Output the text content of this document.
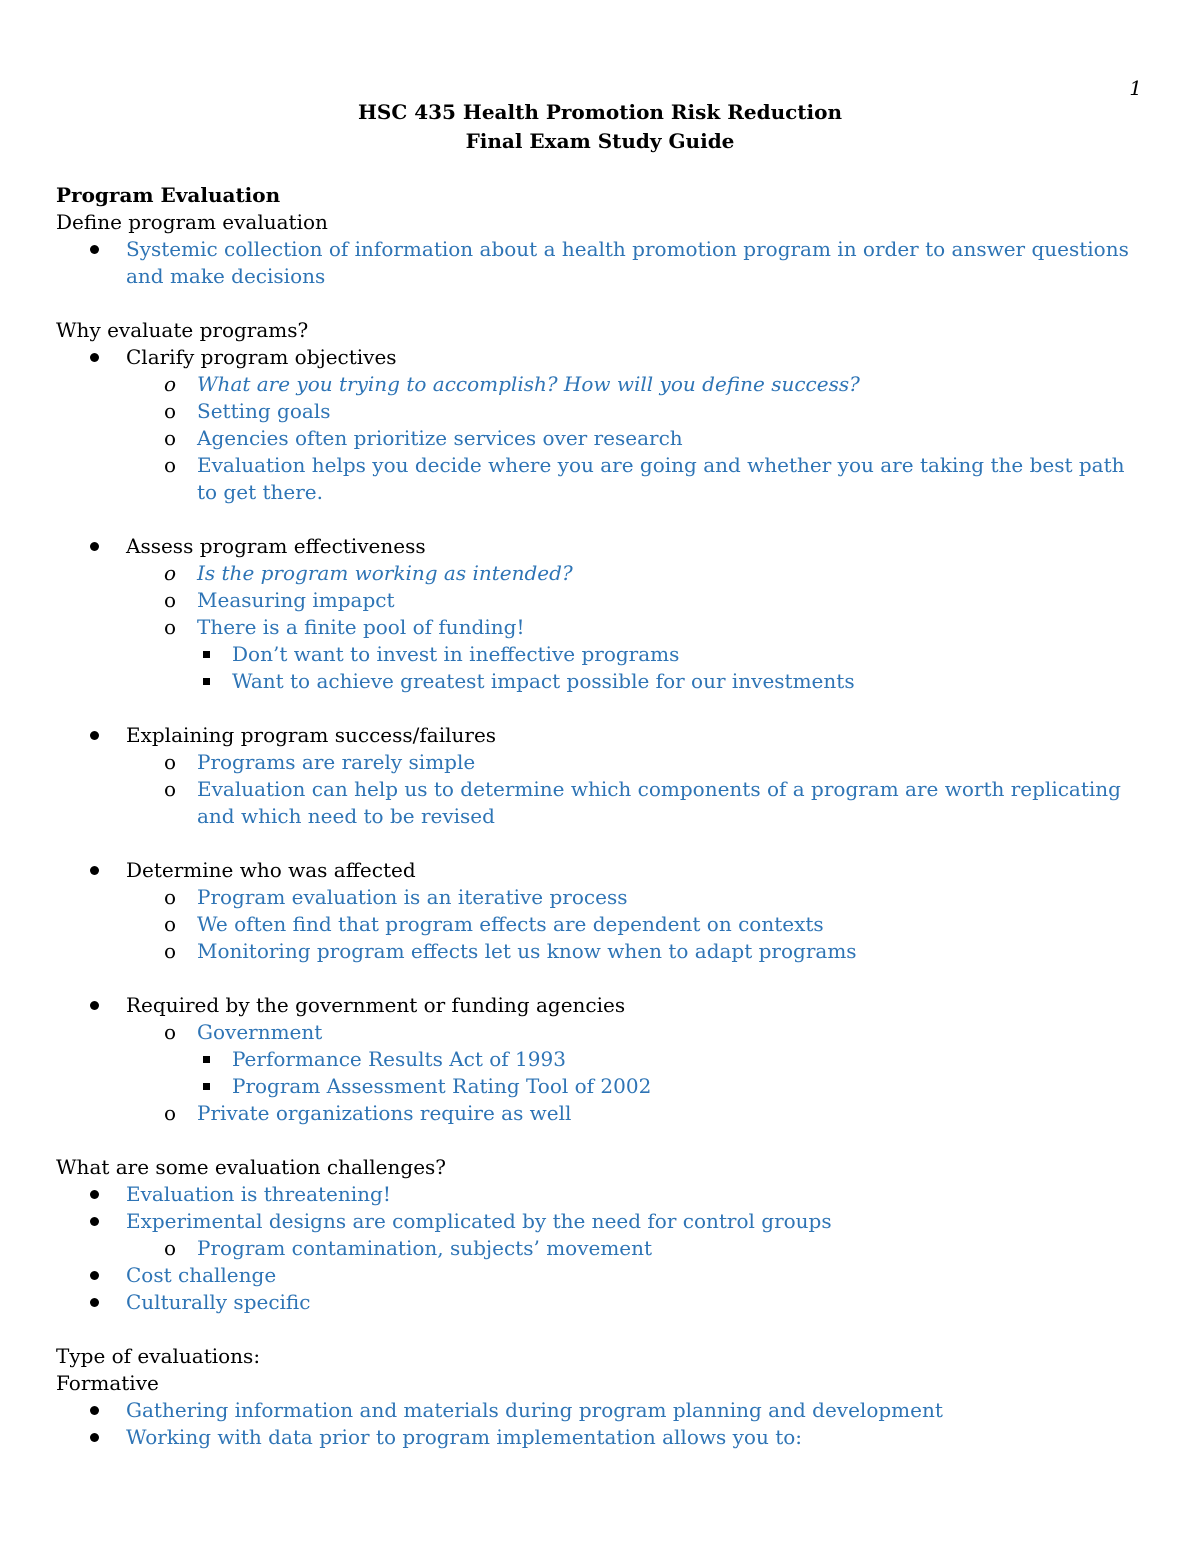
1
HSC 435 Health Promotion Risk Reduction
Final Exam Study Guide

Program Evaluation

Define program evaluation

Systemic collection of information about a health promotion program in order to answer questions and make decisions

Why evaluate programs?

Clarify program objectives
o What are you trying to accomplish? How will you define success?
o Setting goals
o Agencies often prioritize services over research
o Evaluation helps you decide where you are going and whether you are taking the best path to get there.
Assess program effectiveness
o Is the program working as intended?
o Measuring impapct
o There is a finite pool of funding!
Don’t want to invest in ineffective programs
Want to achieve greatest impact possible for our investments
Explaining program success/failures
o Programs are rarely simple
o Evaluation can help us to determine which components of a program are worth replicating and which need to be revised
Determine who was affected
o Program evaluation is an iterative process
o We often find that program effects are dependent on contexts
o Monitoring program effects let us know when to adapt programs
Required by the government or funding agencies
o Government
Performance Results Act of 1993
Program Assessment Rating Tool of 2002
o Private organizations require as well

What are some evaluation challenges?

Evaluation is threatening!
Experimental designs are complicated by the need for control groups
o Program contamination, subjects’ movement
Cost challenge
Culturally specific

Type of evaluations:

Formative

Gathering information and materials during program planning and development
Working with data prior to program implementation allows you to:
